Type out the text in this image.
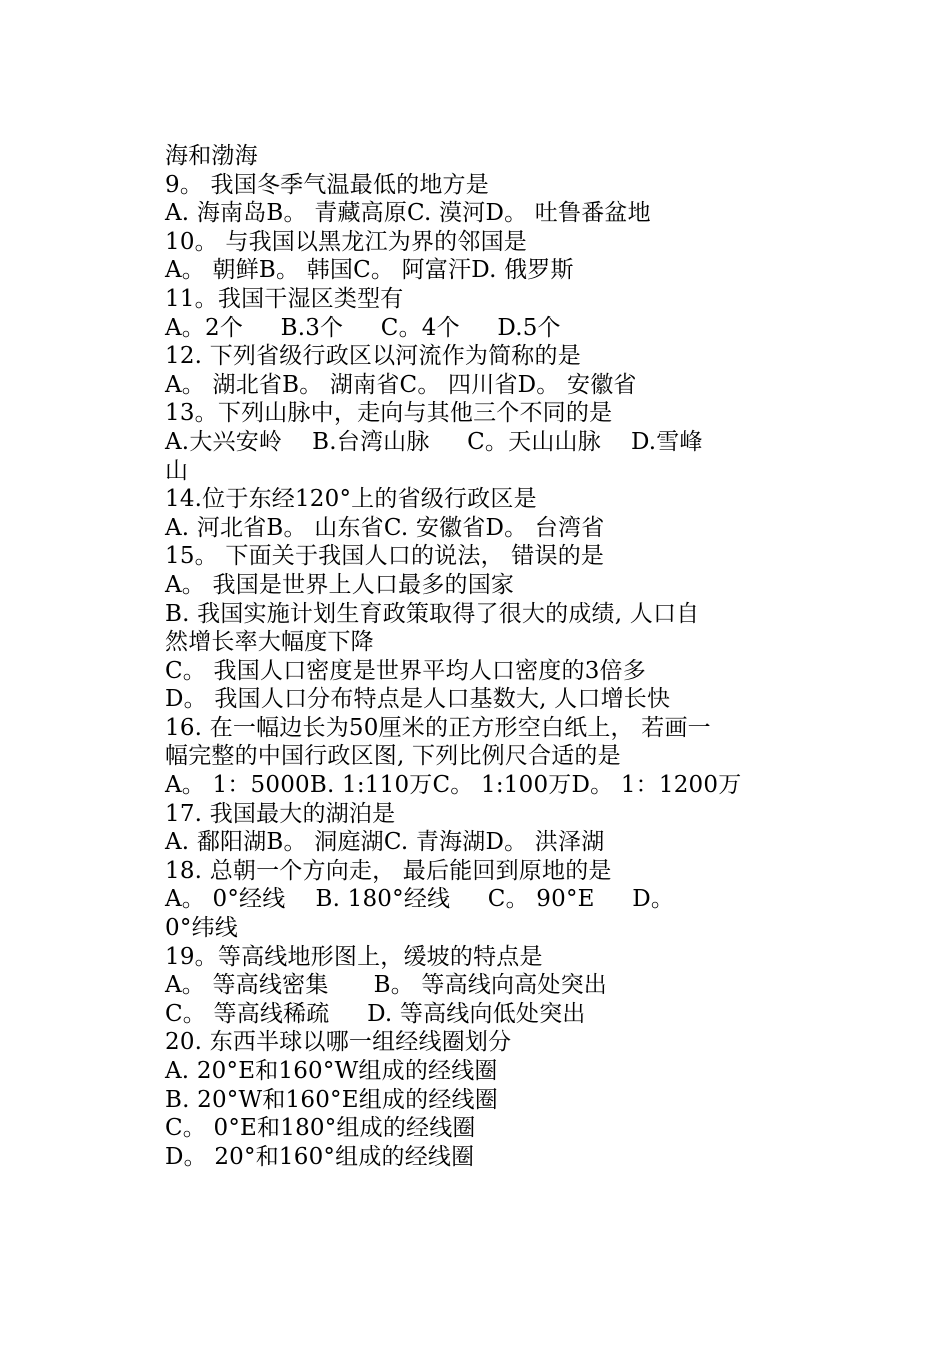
海和渤海
9。 我国冬季气温最低的地方是
A. 海南岛B。 青藏高原C. 漠河D。 吐鲁番盆地
10。 与我国以黑龙江为界的邻国是
A。 朝鲜B。 韩国C。 阿富汗D. 俄罗斯
11。我国干湿区类型有
A。2个     B.3个     C。4个     D.5个
12. 下列省级行政区以河流作为简称的是
A。 湖北省B。 湖南省C。 四川省D。 安徽省
13。下列山脉中，走向与其他三个不同的是
A.大兴安岭    B.台湾山脉     C。天山山脉    D.雪峰
山
14.位于东经120°上的省级行政区是
A. 河北省B。 山东省C. 安徽省D。 台湾省
15。 下面关于我国人口的说法， 错误的是
A。 我国是世界上人口最多的国家
B. 我国实施计划生育政策取得了很大的成绩, 人口自
然增长率大幅度下降
C。 我国人口密度是世界平均人口密度的3倍多
D。 我国人口分布特点是人口基数大, 人口增长快
16. 在一幅边长为50厘米的正方形空白纸上， 若画一
幅完整的中国行政区图, 下列比例尺合适的是
A。 1：5000B. 1:110万C。 1:100万D。 1：1200万
17. 我国最大的湖泊是
A. 鄱阳湖B。 洞庭湖C. 青海湖D。 洪泽湖
18. 总朝一个方向走， 最后能回到原地的是
A。 0°经线    B. 180°经线     C。 90°E     D。
0°纬线
19。等高线地形图上，缓坡的特点是
A。 等高线密集      B。 等高线向高处突出
C。 等高线稀疏     D. 等高线向低处突出
20. 东西半球以哪一组经线圈划分
A. 20°E和160°W组成的经线圈
B. 20°W和160°E组成的经线圈
C。 0°E和180°组成的经线圈
D。 20°和160°组成的经线圈
